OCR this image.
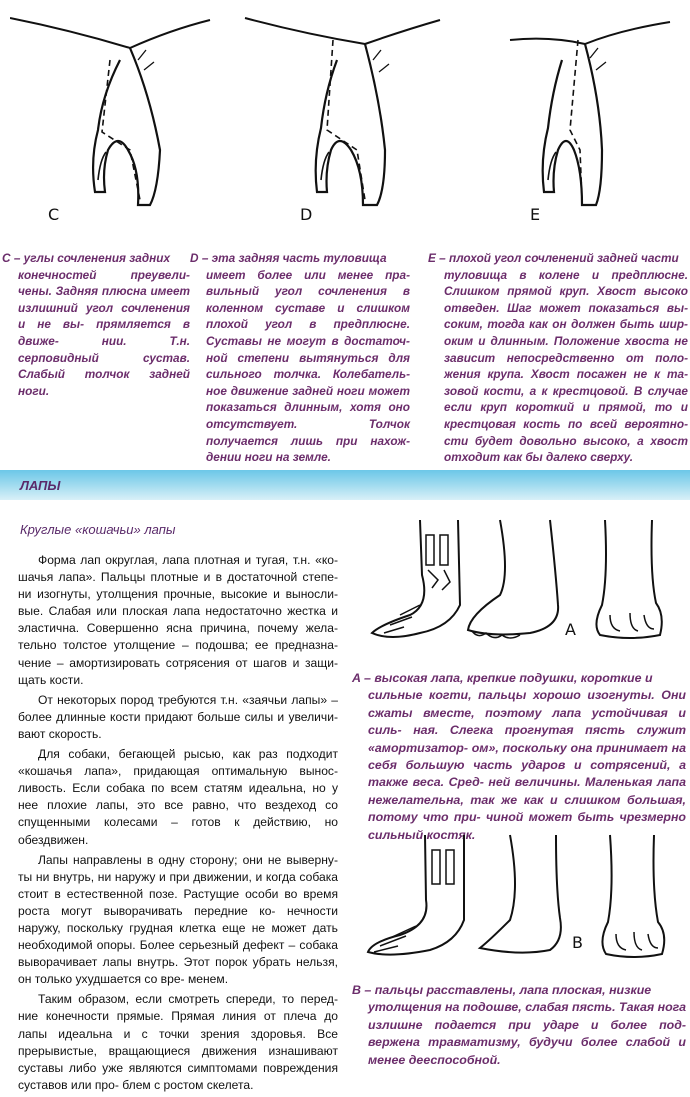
C	D	E
C – углы сочленения задних
конечностей преувели- чены. Задняя плюсна имеет излишний угол сочленения и не вы- прямляется в движе- нии. Т.н. серповидный сустав. Слабый толчок задней ноги.
D – эта задняя часть туловища
имеет более или менее пра- вильный угол сочленения в коленном суставе и слишком плохой угол в предплюсне. Суставы не могут в достаточ- ной степени вытянуться для сильного толчка. Колебатель- ное движение задней ноги может показаться длинным, хотя оно отсутствует. Толчок получается лишь при нахож- дении ноги на земле.
E – плохой угол сочленений задней части
туловища в колене и предплюсне. Слишком прямой круп. Хвост высоко отведен. Шаг может показаться вы- соким, тогда как он должен быть шир- оким и длинным. Положение хвоста не зависит непосредственно от поло- жения крупа. Хвост посажен не к та- зовой кости, а к крестцовой. В случае если круп короткий и прямой, то и крестцовая кость по всей вероятно- сти будет довольно высоко, а хвост отходит как бы далеко сверху.
ЛАПЫ
Круглые «кошачьи» лапы

Форма лап округлая, лапа плотная и тугая, т.н. «ко- шачья лапа». Пальцы плотные и в достаточной степе- ни изогнуты, утолщения прочные, высокие и выносли- вые. Слабая или плоская лапа недостаточно жестка и эластична. Совершенно ясна причина, почему жела- тельно толстое утолщение – подошва; ее предназна- чение – амортизировать сотрясения от шагов и защи- щать кости.

От некоторых пород требуются т.н. «заячьи лапы» – более длинные кости придают больше силы и увеличи- вают скорость.

Для собаки, бегающей рысью, как раз подходит «кошачья лапа», придающая оптимальную вынос- ливость. Если собака по всем статям идеальна, но у нее плохие лапы, это все равно, что вездеход со спущенными колесами – готов к действию, но обездвижен.

Лапы направлены в одну сторону; они не выверну- ты ни внутрь, ни наружу и при движении, и когда собака стоит в естественной позе. Растущие особи во время роста могут выворачивать передние ко- нечности наружу, поскольку грудная клетка еще не может дать необходимой опоры. Более серьезный дефект – собака выворачивает лапы внутрь. Этот порок убрать нельзя, он только ухудшается со вре- менем.

Таким образом, если смотреть спереди, то перед- ние конечности прямые. Прямая линия от плеча до лапы идеальна и с точки зрения здоровья. Все прерывистые, вращающиеся движения изнашивают суставы либо уже являются симптомами повреждения суставов или про- блем с ростом скелета.

A
A – высокая лапа, крепкие подушки, короткие и
сильные когти, пальцы хорошо изогнуты. Они сжаты вместе, поэтому лапа устойчивая и силь- ная. Слегка прогнутая пясть служит «амортизатор- ом», поскольку она принимает на себя большую часть ударов и сотрясений, а также веса. Сред- ней величины. Маленькая лапа нежелательна, так же как и слишком большая, потому что при- чиной может быть чрезмерно сильный костяк.
B
B – пальцы расставлены, лапа плоская, низкие
утолщения на подошве, слабая пясть. Такая нога излишне подается при ударе и более под- вержена травматизму, будучи более слабой и менее дееспособной.
